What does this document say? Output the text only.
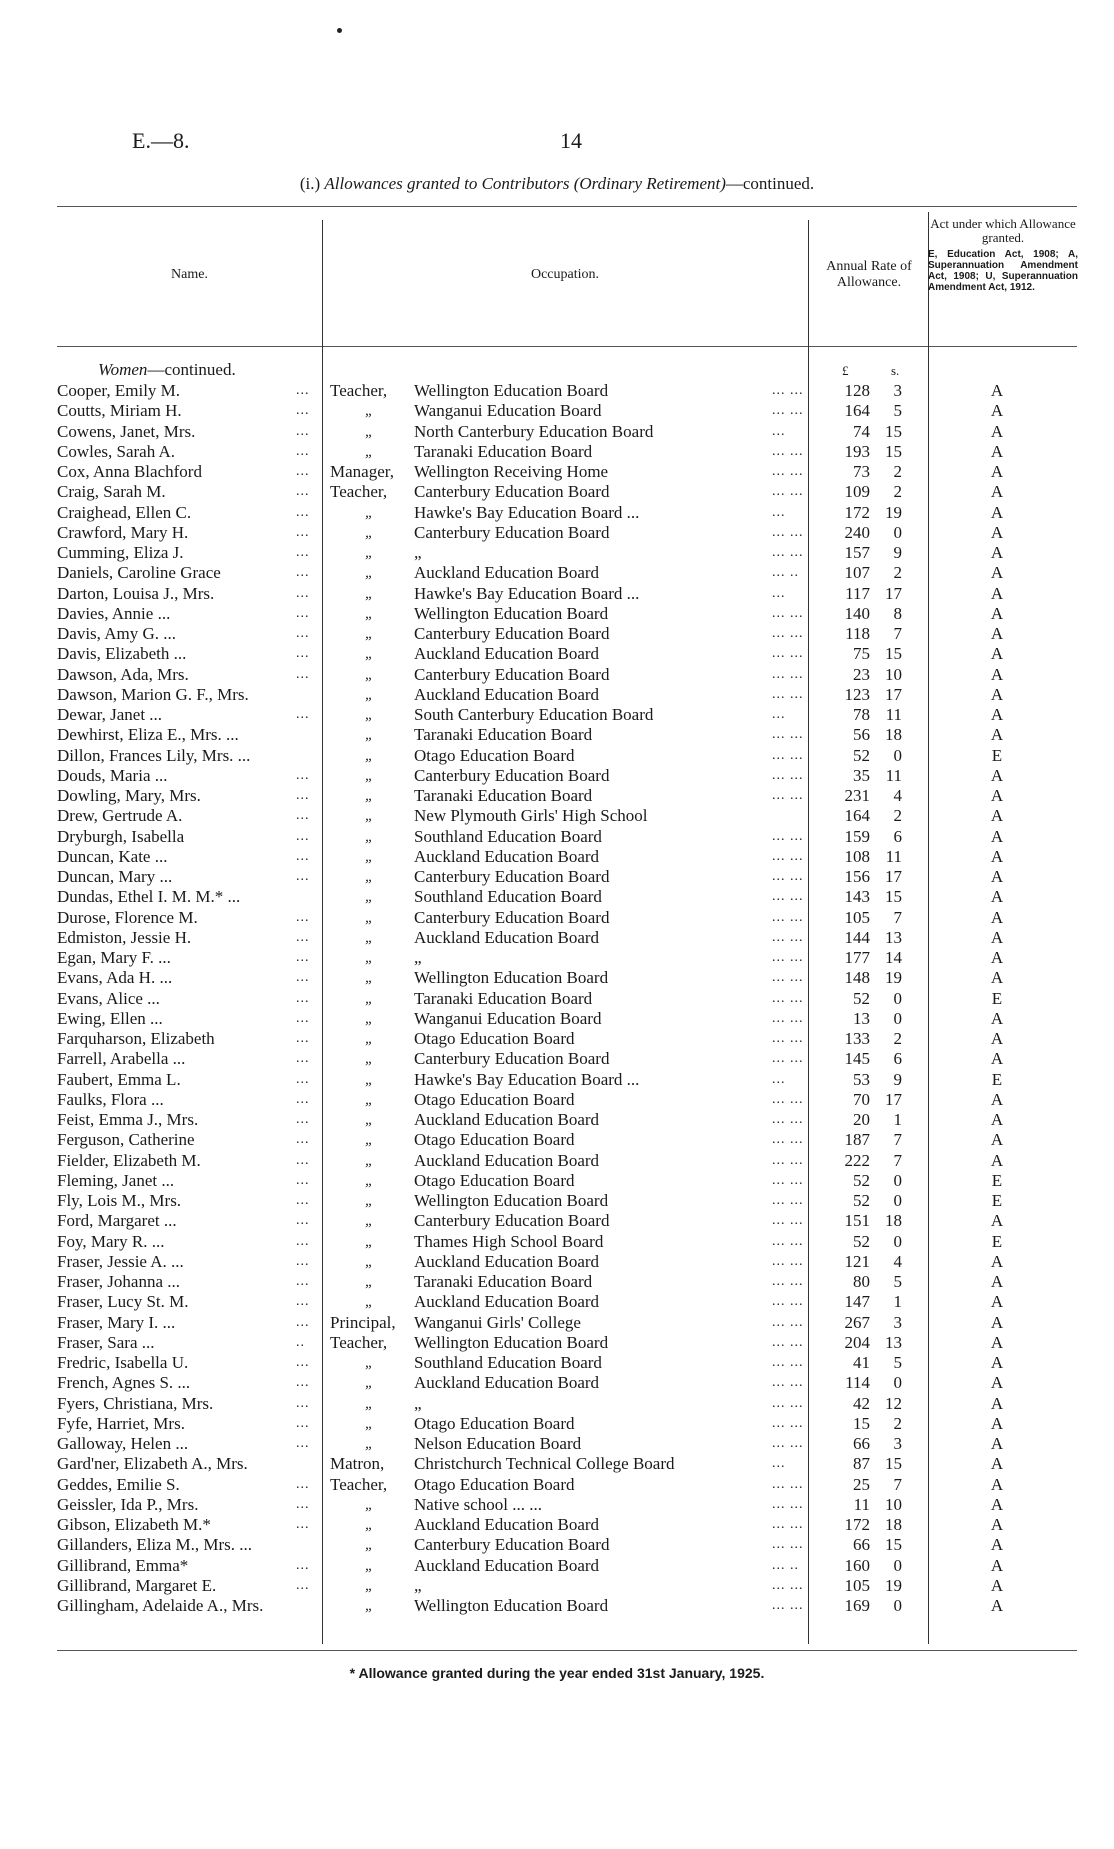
E.—8.	14
(i.) Allowances granted to Contributors (Ordinary Retirement)—continued.
Name.	Occupation.
Annual Rate of Allowance.
Act under which Allowance granted.
E, Education Act, 1908; A, Superannuation Amendment Act, 1908; U, Superannuation Amendment Act, 1912.
Women—continued.	£	s.
Cooper, Emily M.	... Teacher, Wellington Education Board	... ...	128	3	A
Coutts, Miriam H.	...	„ Wanganui Education Board	... ...	164	5	A
Cowens, Janet, Mrs.	...	„ North Canterbury Education Board	...	74 15	A
Cowles, Sarah A.	...	„ Taranaki Education Board	... ...	193 15	A
Cox, Anna Blachford	... Manager, Wellington Receiving Home	... ...	73	2	A
Craig, Sarah M.	... Teacher, Canterbury Education Board	... ...	109	2	A
Craighead, Ellen C.	...	„ Hawke's Bay Education Board ...	...	172 19	A
Crawford, Mary H.	...	„ Canterbury Education Board	... ...	240	0	A
Cumming, Eliza J.	...	„ „	... ...	157	9	A
Daniels, Caroline Grace	...	„ Auckland Education Board	... ..	107	2	A
Darton, Louisa J., Mrs.	...	„ Hawke's Bay Education Board ...	...	117 17	A
Davies, Annie ...	...	„ Wellington Education Board	... ...	140	8	A
Davis, Amy G. ...	...	„ Canterbury Education Board	... ...	118	7	A
Davis, Elizabeth ...	...	„ Auckland Education Board	... ...	75 15	A
Dawson, Ada, Mrs.	...	„ Canterbury Education Board	... ...	23 10	A
Dawson, Marion G. F., Mrs.	„ Auckland Education Board	... ...	123 17	A
Dewar, Janet ...	...	„ South Canterbury Education Board	...	78 11	A
Dewhirst, Eliza E., Mrs. ...	„ Taranaki Education Board	... ...	56 18	A
Dillon, Frances Lily, Mrs. ...	„ Otago Education Board	... ...	52	0	E
Douds, Maria ...	...	„ Canterbury Education Board	... ...	35 11	A
Dowling, Mary, Mrs.	...	„ Taranaki Education Board	... ...	231	4	A
Drew, Gertrude A.	...	„ New Plymouth Girls' High School	164	2	A
Dryburgh, Isabella	...	„ Southland Education Board	... ...	159	6	A
Duncan, Kate ...	...	„ Auckland Education Board	... ...	108 11	A
Duncan, Mary ...	...	„ Canterbury Education Board	... ...	156 17	A
Dundas, Ethel I. M. M.* ...	„ Southland Education Board	... ...	143 15	A
Durose, Florence M.	...	„ Canterbury Education Board	... ...	105	7	A
Edmiston, Jessie H.	...	„ Auckland Education Board	... ...	144 13	A
Egan, Mary F. ...	...	„ „	... ...	177 14	A
Evans, Ada H. ...	...	„ Wellington Education Board	... ...	148 19	A
Evans, Alice ...	...	„ Taranaki Education Board	... ...	52	0	E
Ewing, Ellen ...	...	„ Wanganui Education Board	... ...	13	0	A
Farquharson, Elizabeth	...	„ Otago Education Board	... ...	133	2	A
Farrell, Arabella ...	...	„ Canterbury Education Board	... ...	145	6	A
Faubert, Emma L.	...	„ Hawke's Bay Education Board ...	...	53	9	E
Faulks, Flora ...	...	„ Otago Education Board	... ...	70 17	A
Feist, Emma J., Mrs.	...	„ Auckland Education Board	... ...	20	1	A
Ferguson, Catherine	...	„ Otago Education Board	... ...	187	7	A
Fielder, Elizabeth M.	...	„ Auckland Education Board	... ...	222	7	A
Fleming, Janet ...	...	„ Otago Education Board	... ...	52	0	E
Fly, Lois M., Mrs.	...	„ Wellington Education Board	... ...	52	0	E
Ford, Margaret ...	...	„ Canterbury Education Board	... ...	151 18	A
Foy, Mary R. ...	...	„ Thames High School Board	... ...	52	0	E
Fraser, Jessie A. ...	...	„ Auckland Education Board	... ...	121	4	A
Fraser, Johanna ...	...	„ Taranaki Education Board	... ...	80	5	A
Fraser, Lucy St. M.	...	„ Auckland Education Board	... ...	147	1	A
Fraser, Mary I. ...	... Principal, Wanganui Girls' College	... ...	267	3	A
Fraser, Sara ...	.. Teacher, Wellington Education Board	... ...	204 13	A
Fredric, Isabella U.	...	„ Southland Education Board	... ...	41	5	A
French, Agnes S. ...	...	„ Auckland Education Board	... ...	114	0	A
Fyers, Christiana, Mrs.	...	„ „	... ...	42 12	A
Fyfe, Harriet, Mrs.	...	„ Otago Education Board	... ...	15	2	A
Galloway, Helen ...	...	„ Nelson Education Board	... ...	66	3	A
Gard'ner, Elizabeth A., Mrs.	Matron, Christchurch Technical College Board	...	87 15	A
Geddes, Emilie S.	... Teacher, Otago Education Board	... ...	25	7	A
Geissler, Ida P., Mrs.	...	„ Native school ... ...	... ...	11 10	A
Gibson, Elizabeth M.*	...	„ Auckland Education Board	... ...	172 18	A
Gillanders, Eliza M., Mrs. ...	„ Canterbury Education Board	... ...	66 15	A
Gillibrand, Emma*	...	„ Auckland Education Board	... ..	160	0	A
Gillibrand, Margaret E.	...	„ „	... ...	105 19	A
Gillingham, Adelaide A., Mrs.	„ Wellington Education Board	... ...	169	0	A
* Allowance granted during the year ended 31st January, 1925.
